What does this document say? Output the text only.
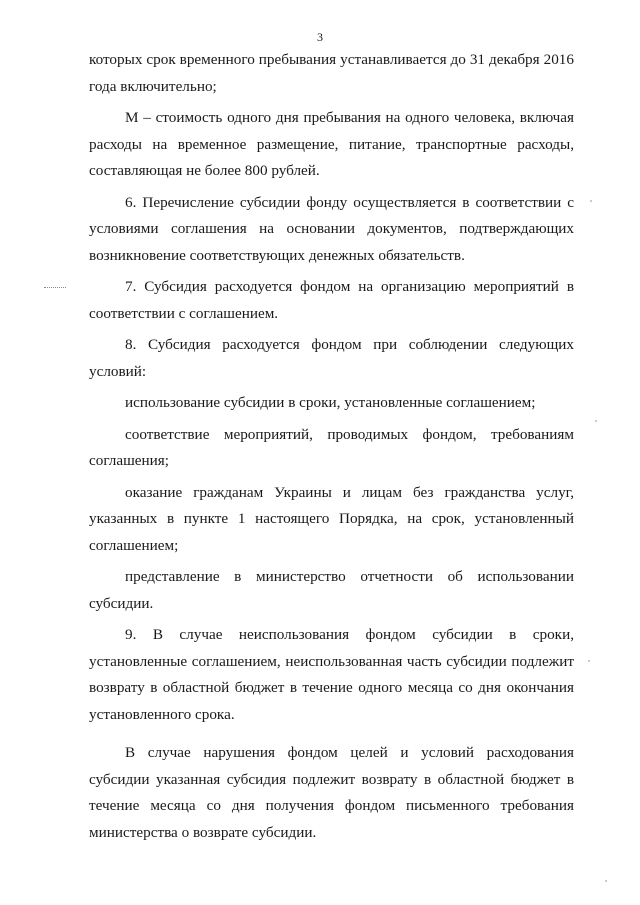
3

которых срок временного пребывания устанавливается до 31 декабря 2016 года включительно;

М – стоимость одного дня пребывания на одного человека, включая расходы на временное размещение, питание, транспортные расходы, составляющая не более 800 рублей.

6. Перечисление субсидии фонду осуществляется в соответствии с условиями соглашения на основании документов, подтверждающих возникновение соответствующих денежных обязательств.

7. Субсидия расходуется фондом на организацию мероприятий в соответствии с соглашением.

8. Субсидия расходуется фондом при соблюдении следующих условий:

использование субсидии в сроки, установленные соглашением;

соответствие мероприятий, проводимых фондом, требованиям соглашения;

оказание гражданам Украины и лицам без гражданства услуг, указанных в пункте 1 настоящего Порядка, на срок, установленный соглашением;

представление в министерство отчетности об использовании субсидии.

9. В случае неиспользования фондом субсидии в сроки, установленные соглашением, неиспользованная часть субсидии подлежит возврату в областной бюджет в течение одного месяца со дня окончания установленного срока.

В случае нарушения фондом целей и условий расходования субсидии указанная субсидия подлежит возврату в областной бюджет в течение месяца со дня получения фондом письменного требования министерства о возврате субсидии.
